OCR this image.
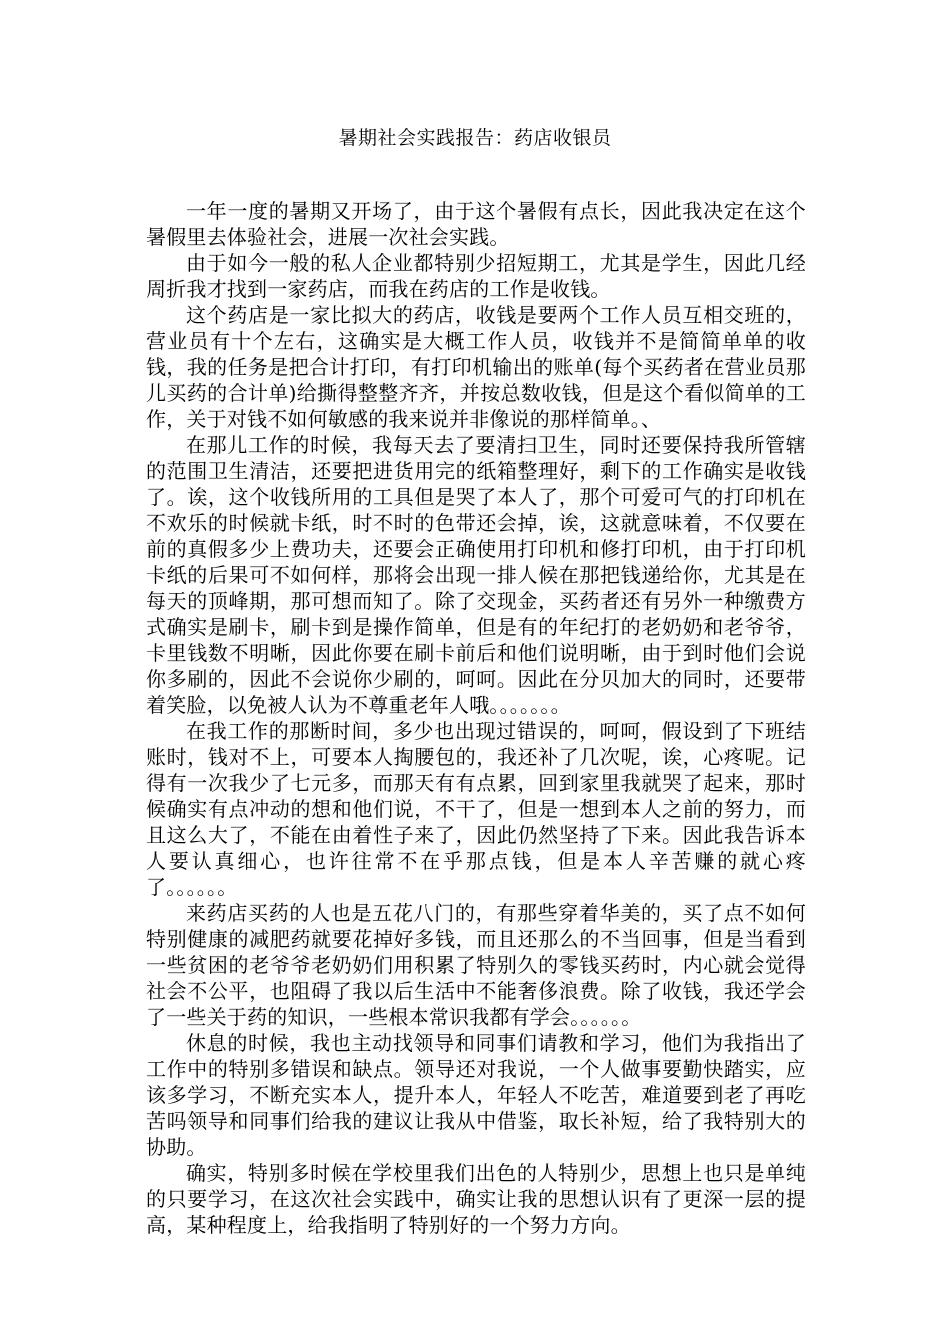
暑期社会实践报告：药店收银员

一年一度的暑期又开场了，由于这个暑假有点长，因此我决定在这个暑假里去体验社会，进展一次社会实践。

由于如今一般的私人企业都特别少招短期工，尤其是学生，因此几经周折我才找到一家药店，而我在药店的工作是收钱。

这个药店是一家比拟大的药店，收钱是要两个工作人员互相交班的，营业员有十个左右，这确实是大概工作人员，收钱并不是简简单单的收钱，我的任务是把合计打印，有打印机输出的账单(每个买药者在营业员那儿买药的合计单)给撕得整整齐齐，并按总数收钱，但是这个看似简单的工作，关于对钱不如何敏感的我来说并非像说的那样简单。、

在那儿工作的时候，我每天去了要清扫卫生，同时还要保持我所管辖的范围卫生清洁，还要把进货用完的纸箱整理好，剩下的工作确实是收钱了。诶，这个收钱所用的工具但是哭了本人了，那个可爱可气的打印机在不欢乐的时候就卡纸，时不时的色带还会掉，诶，这就意味着，不仅要在前的真假多少上费功夫，还要会正确使用打印机和修打印机，由于打印机卡纸的后果可不如何样，那将会出现一排人候在那把钱递给你，尤其是在每天的顶峰期，那可想而知了。除了交现金，买药者还有另外一种缴费方式确实是刷卡，刷卡到是操作简单，但是有的年纪打的老奶奶和老爷爷，卡里钱数不明晰，因此你要在刷卡前后和他们说明晰，由于到时他们会说你多刷的，因此不会说你少刷的，呵呵。因此在分贝加大的同时，还要带着笑脸，以免被人认为不尊重老年人哦。。。。。。。

在我工作的那断时间，多少也出现过错误的，呵呵，假设到了下班结账时，钱对不上，可要本人掏腰包的，我还补了几次呢，诶，心疼呢。记得有一次我少了七元多，而那天有有点累，回到家里我就哭了起来，那时候确实有点冲动的想和他们说，不干了，但是一想到本人之前的努力，而且这么大了，不能在由着性子来了，因此仍然坚持了下来。因此我告诉本人要认真细心，也许往常不在乎那点钱，但是本人辛苦赚的就心疼了。。。。。。

来药店买药的人也是五花八门的，有那些穿着华美的，买了点不如何特别健康的减肥药就要花掉好多钱，而且还那么的不当回事，但是当看到一些贫困的老爷爷老奶奶们用积累了特别久的零钱买药时，内心就会觉得社会不公平，也阻碍了我以后生活中不能奢侈浪费。除了收钱，我还学会了一些关于药的知识，一些根本常识我都有学会。。。。。。

休息的时候，我也主动找领导和同事们请教和学习，他们为我指出了工作中的特别多错误和缺点。领导还对我说，一个人做事要勤快踏实，应该多学习，不断充实本人，提升本人，年轻人不吃苦，难道要到老了再吃苦吗领导和同事们给我的建议让我从中借鉴，取长补短，给了我特别大的协助。

确实，特别多时候在学校里我们出色的人特别少，思想上也只是单纯的只要学习，在这次社会实践中，确实让我的思想认识有了更深一层的提高，某种程度上，给我指明了特别好的一个努力方向。
